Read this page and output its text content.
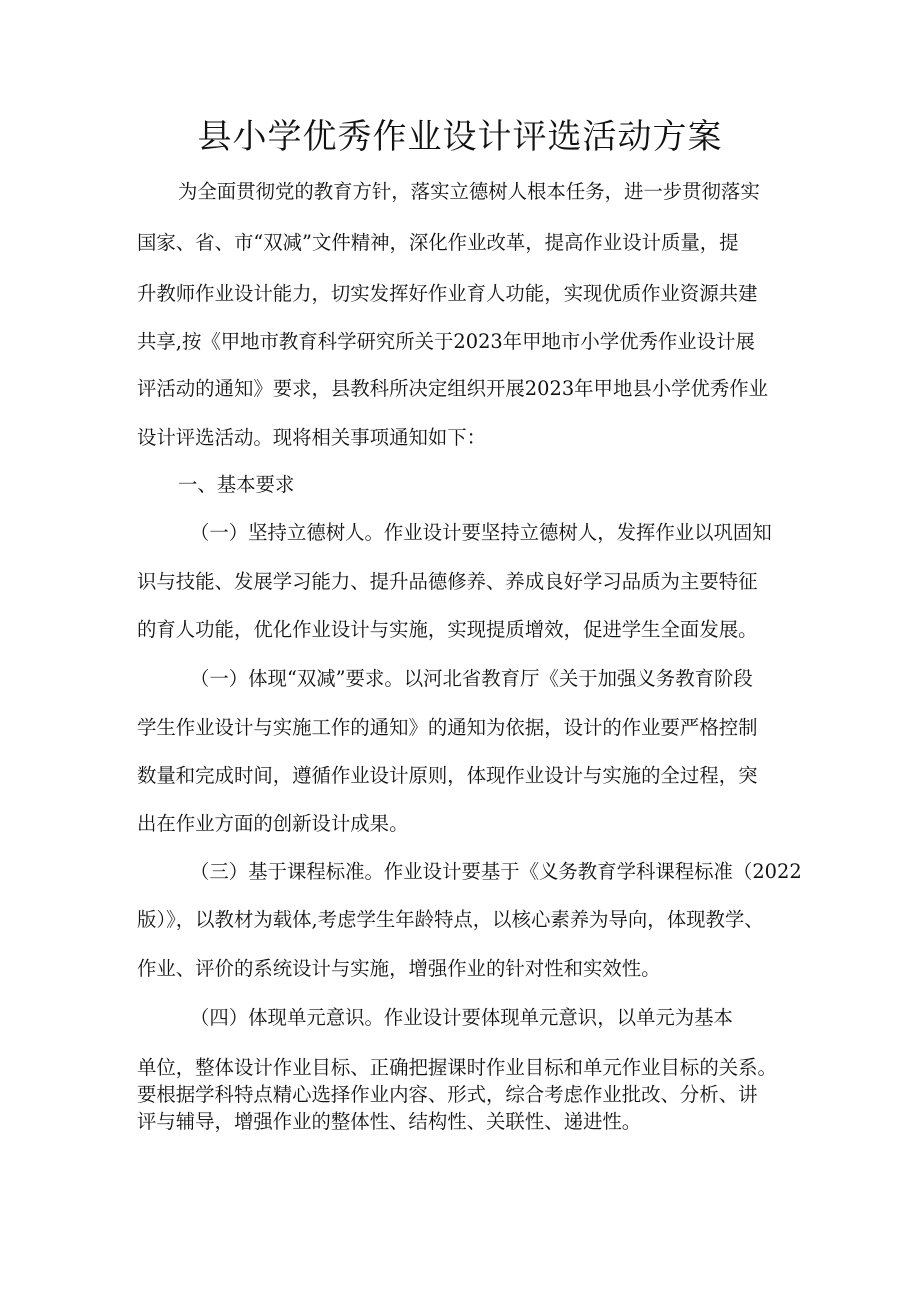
县小学优秀作业设计评选活动方案
为全面贯彻党的教育方针，落实立德树人根本任务，进一步贯彻落实
国家、省、市“双减”文件精神，深化作业改革，提高作业设计质量，提
升教师作业设计能力，切实发挥好作业育人功能，实现优质作业资源共建
共享,按《甲地市教育科学研究所关于2023年甲地市小学优秀作业设计展
评活动的通知》要求，县教科所决定组织开展2023年甲地县小学优秀作业
设计评选活动。现将相关事项通知如下：
一、基本要求
（一）坚持立德树人。作业设计要坚持立德树人，发挥作业以巩固知
识与技能、发展学习能力、提升品德修养、养成良好学习品质为主要特征
的育人功能，优化作业设计与实施，实现提质增效，促进学生全面发展。
（一）体现“双减”要求。以河北省教育厅《关于加强义务教育阶段
学生作业设计与实施工作的通知》的通知为依据，设计的作业要严格控制
数量和完成时间，遵循作业设计原则，体现作业设计与实施的全过程，突
出在作业方面的创新设计成果。
（三）基于课程标准。作业设计要基于《义务教育学科课程标准（2022
版）》，以教材为载体,考虑学生年龄特点，以核心素养为导向，体现教学、
作业、评价的系统设计与实施，增强作业的针对性和实效性。
（四）体现单元意识。作业设计要体现单元意识，以单元为基本
单位，整体设计作业目标、正确把握课时作业目标和单元作业目标的关系。
要根据学科特点精心选择作业内容、形式，综合考虑作业批改、分析、讲
评与辅导，增强作业的整体性、结构性、关联性、递进性。
